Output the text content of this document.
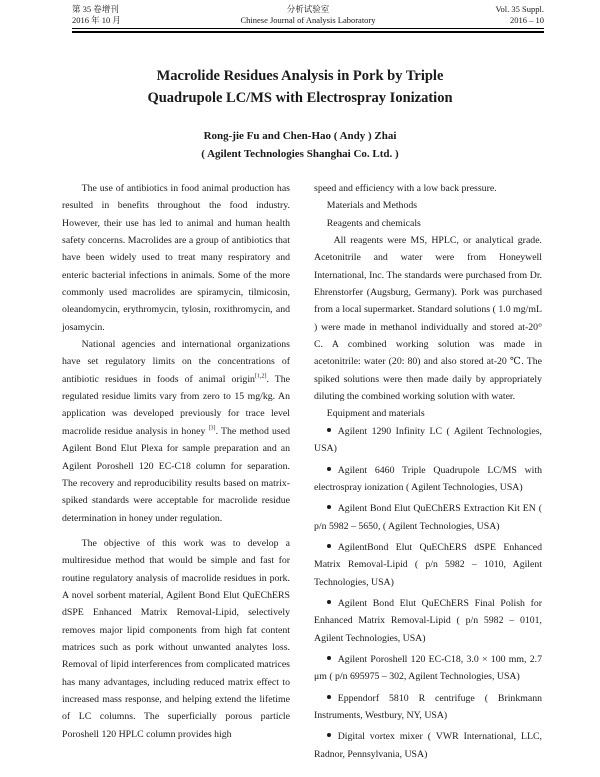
第 35 卷增刊	分析试验室	Vol. 35 Suppl.
2016 年 10 月	Chinese Journal of Analysis Laboratory	2016 – 10
Macrolide Residues Analysis in Pork by Triple
Quadrupole LC/MS with Electrospray Ionization
Rong-jie Fu and Chen-Hao ( Andy ) Zhai
( Agilent Technologies Shanghai Co. Ltd. )

The use of antibiotics in food animal production has resulted in benefits throughout the food industry. However, their use has led to animal and human health safety concerns. Macrolides are a group of antibiotics that have been widely used to treat many respiratory and enteric bacterial infections in animals. Some of the more commonly used macrolides are spiramycin, tilmicosin, oleandomycin, erythromycin, tylosin, roxithromycin, and josamycin.

National agencies and international organizations have set regulatory limits on the concentrations of antibiotic residues in foods of animal origin[1,2]. The regulated residue limits vary from zero to 15 mg/kg. An application was developed previously for trace level macrolide residue analysis in honey [3]. The method used Agilent Bond Elut Plexa for sample preparation and an Agilent Poroshell 120 EC-C18 column for separation. The recovery and reproducibility results based on matrix-spiked standards were acceptable for macrolide residue determination in honey under regulation.

The objective of this work was to develop a multiresidue method that would be simple and fast for routine regulatory analysis of macrolide residues in pork. A novel sorbent material, Agilent Bond Elut QuEChERS dSPE Enhanced Matrix Removal-Lipid, selectively removes major lipid components from high fat content matrices such as pork without unwanted analytes loss. Removal of lipid interferences from complicated matrices has many advantages, including reduced matrix effect to increased mass response, and helping extend the lifetime of LC columns. The superficially porous particle Poroshell 120 HPLC column provides high

speed and efficiency with a low back pressure.

Materials and Methods

Reagents and chemicals

All reagents were MS, HPLC, or analytical grade. Acetonitrile and water were from Honeywell International, Inc. The standards were purchased from Dr. Ehrenstorfer (Augsburg, Germany). Pork was purchased from a local supermarket. Standard solutions ( 1.0 mg/mL ) were made in methanol individually and stored at-20° C. A combined working solution was made in acetonitrile: water (20: 80) and also stored at-20 ℃. The spiked solutions were then made daily by appropriately diluting the combined working solution with water.

Equipment and materials

Agilent 1290 Infinity LC ( Agilent Technologies, USA)

Agilent 6460 Triple Quadrupole LC/MS with electrospray ionization ( Agilent Technologies, USA)

Agilent Bond Elut QuEChERS Extraction Kit EN ( p/n 5982 – 5650, ( Agilent Technologies, USA)

AgilentBond Elut QuEChERS dSPE Enhanced Matrix Removal-Lipid ( p/n 5982 – 1010, Agilent Technologies, USA)

Agilent Bond Elut QuEChERS Final Polish for Enhanced Matrix Removal-Lipid ( p/n 5982 – 0101, Agilent Technologies, USA)

Agilent Poroshell 120 EC-C18, 3.0 × 100 mm, 2.7 μm ( p/n 695975 – 302, Agilent Technologies, USA)

Eppendorf 5810 R centrifuge ( Brinkmann Instruments, Westbury, NY, USA)

Digital vortex mixer ( VWR International, LLC, Radnor, Pennsylvania, USA)
